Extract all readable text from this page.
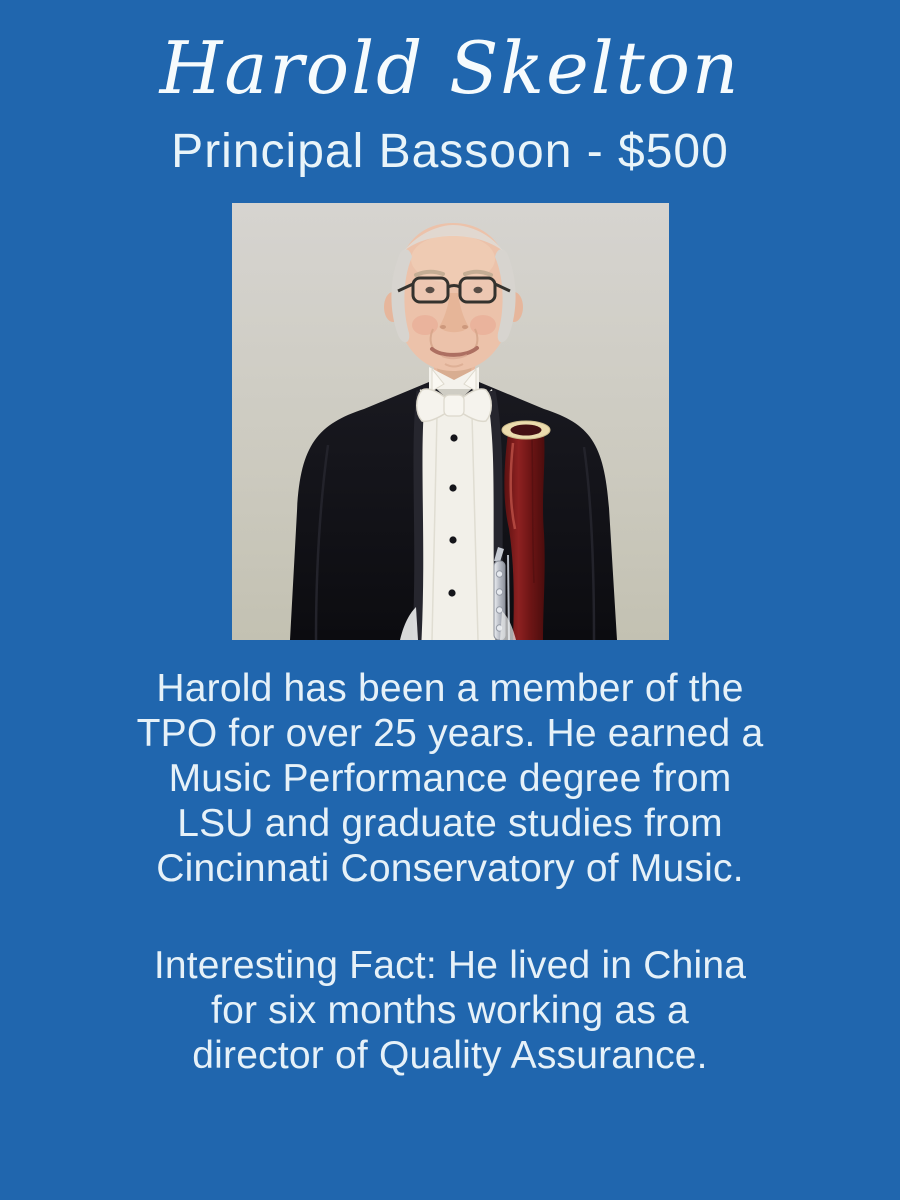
Harold Skelton
Principal Bassoon - $500
Harold has been a member of the
TPO for over 25 years. He earned a
Music Performance degree from
LSU and graduate studies from
Cincinnati Conservatory of Music.
Interesting Fact: He lived in China
for six months working as a
director of Quality Assurance.
